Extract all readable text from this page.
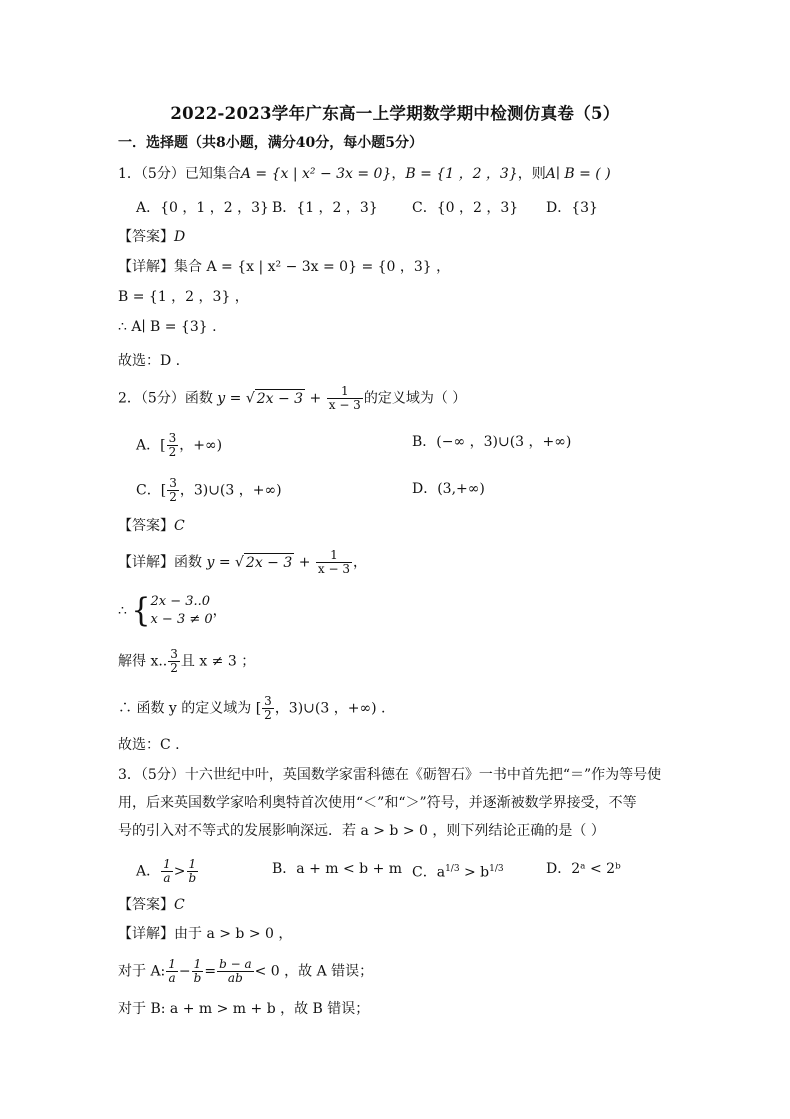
2022-2023学年广东高一上学期数学期中检测仿真卷（5）
一．选择题（共8小题，满分40分，每小题5分）
1．（5分）已知集合A = {x | x² − 3x = 0}，B = {1 ，2 ，3}，则A∣ B = ( )
A．{0 ，1 ，2 ，3} B．{1 ，2 ，3} C．{0 ，2 ，3} D．{3}
【答案】D
【详解】集合 A = {x | x² − 3x = 0} = {0 ，3} ，
B = {1 ，2 ，3} ，
∴ A∣ B = {3} .
故选：D .
2．（5分）函数 y = √ $2x - 3 + \frac{1}{x - 3}$ 的定义域为（ ）
A．[ $\frac{3}{2}$ ，+∞)	B．(−∞ ，3)∪(3 ，+∞)
C．[ $\frac{3}{2}$ ，3)∪(3 ，+∞)	D．(3,+∞)
【答案】C
【详解】函数 y = √ $2x - 3 + \frac{1}{x - 3}$ ，
∴ { 2x − 3..0
x − 3 ≠ 0
，
解得 x.. $\frac{3}{2}$ 且 x ≠ 3 ；
∴ 函数 y 的定义域为 [ $\frac{3}{2}$ ，3)∪(3 ，+∞) .
故选：C .
3．（5分）十六世纪中叶，英国数学家雷科德在《砺智石》一书中首先把“＝”作为等号使
用，后来英国数学家哈利奥特首次使用“＜”和“＞”符号，并逐渐被数学界接受，不等
号的引入对不等式的发展影响深远．若 a > b > 0 ，则下列结论正确的是（ ）
A． $\frac{1}{a} > \frac{1}{b}$	B．a + m < b + m C．$a^{1/3} > b^{1/3}$	D．2ᵃ < 2ᵇ
【答案】C
【详解】由于 a > b > 0 ，
对于 A: $\frac{1}{a} - \frac{1}{b} = \frac{b - a}{ab} < 0$ ，故 A 错误；
对于 B: a + m > m + b ，故 B 错误；
